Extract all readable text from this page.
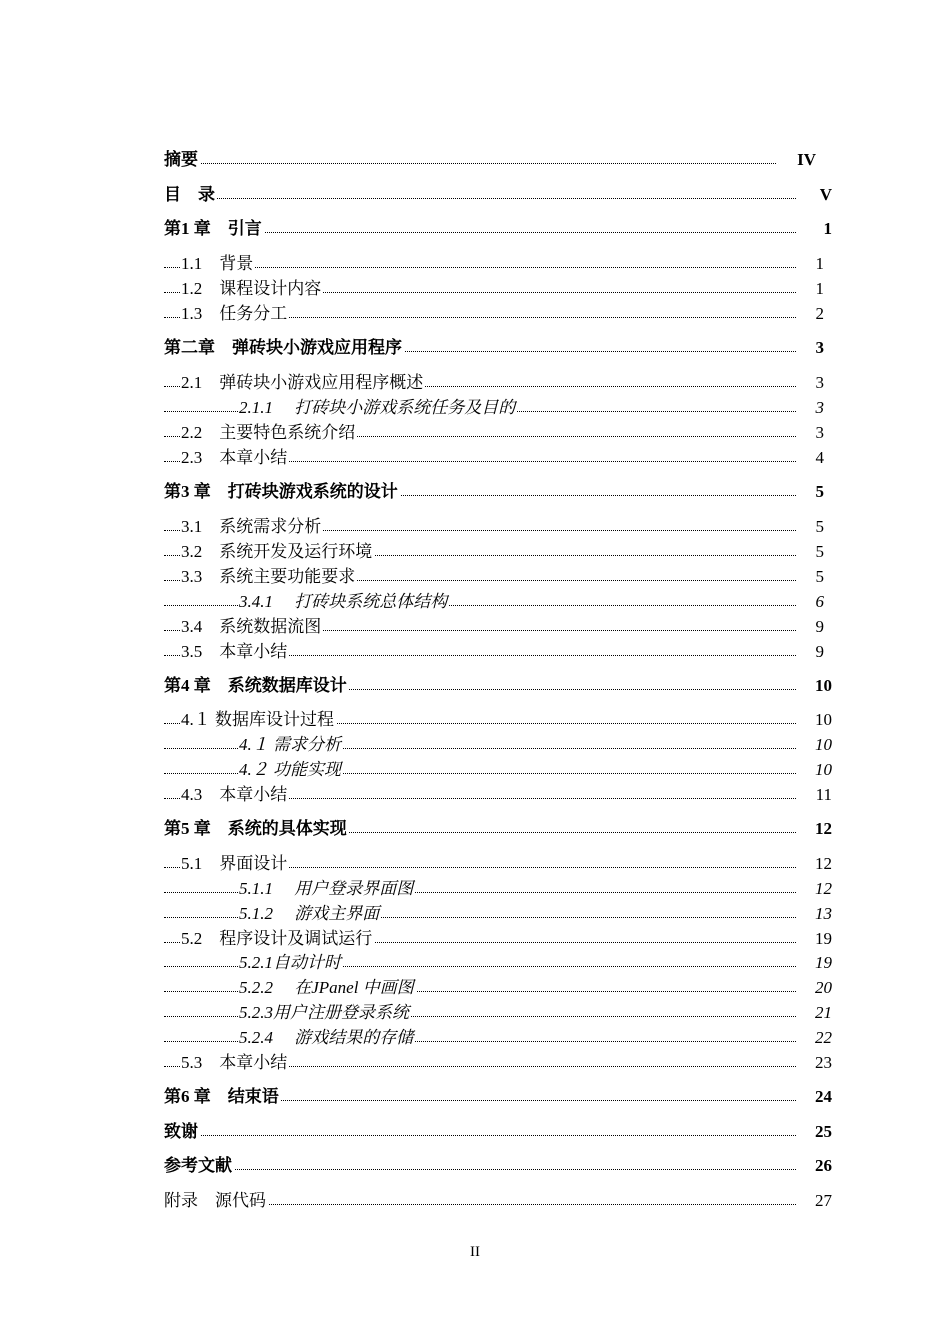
摘要	IV
目　录	V
第1 章　引言	1
1.1　背景	1
1.2　课程设计内容	1
1.3　任务分工	2
第二章　弹砖块小游戏应用程序	3
2.1　弹砖块小游戏应用程序概述	3
2.1.1　 打砖块小游戏系统任务及目的	3
2.2　主要特色系统介绍	3
2.3　本章小结	4
第3 章　打砖块游戏系统的设计	5
3.1　系统需求分析	5
3.2　系统开发及运行环境	5
3.3　系统主要功能要求	5
3.4.1　 打砖块系统总体结构	6
3.4　系统数据流图	9
3.5　本章小结	9
第4 章　系统数据库设计	10
4.１ 数据库设计过程	10
4.１ 需求分析	10
4.２ 功能实现	10
4.3　本章小结	11
第5 章　系统的具体实现	12
5.1　界面设计	12
5.1.1　 用户登录界面图	12
5.1.2　 游戏主界面	13
5.2　程序设计及调试运行	19
5.2.1自动计时	19
5.2.2　 在JPanel 中画图	20
5.2.3用户注册登录系统	21
5.2.4　 游戏结果的存储	22
5.3　本章小结	23
第6 章　结束语	24
致谢	25
参考文献	26
附录　源代码	27
II
